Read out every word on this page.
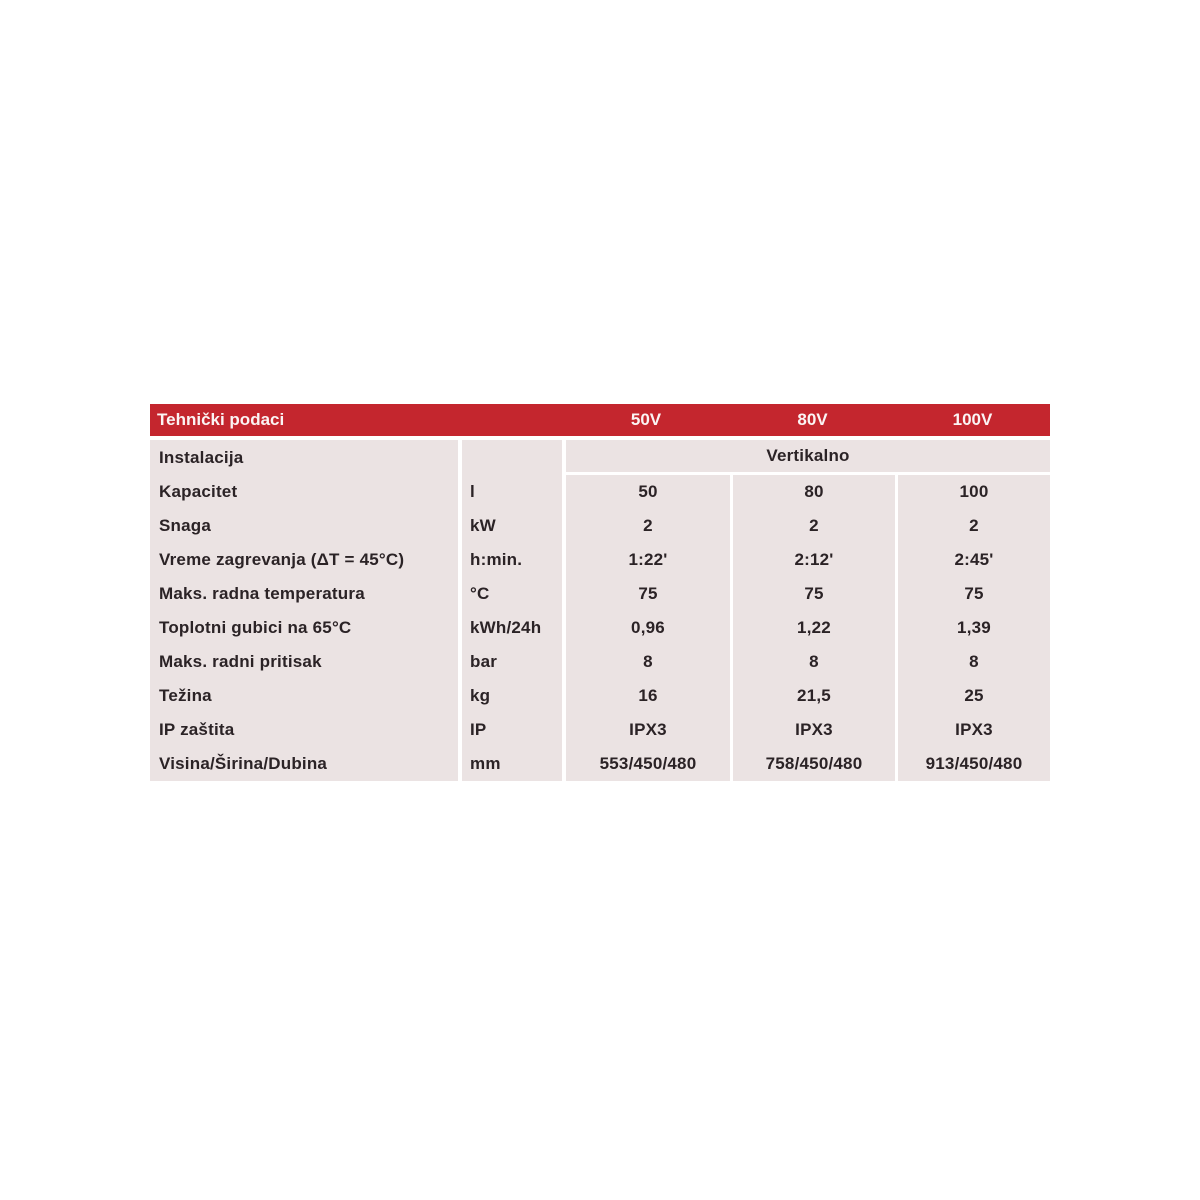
Tehnički podaci		50V	80V	100V
Instalacija		Vertikalno		
Kapacitet	l	50	80	100
Snaga	kW	2	2	2
Vreme zagrevanja (ΔT = 45°C)	h:min.	1:22'	2:12'	2:45'
Maks. radna temperatura	°C	75	75	75
Toplotni gubici na 65°C	kWh/24h	0,96	1,22	1,39
Maks. radni pritisak	bar	8	8	8
Težina	kg	16	21,5	25
IP zaštita	IP	IPX3	IPX3	IPX3
Visina/Širina/Dubina	mm	553/450/480	758/450/480	913/450/480
